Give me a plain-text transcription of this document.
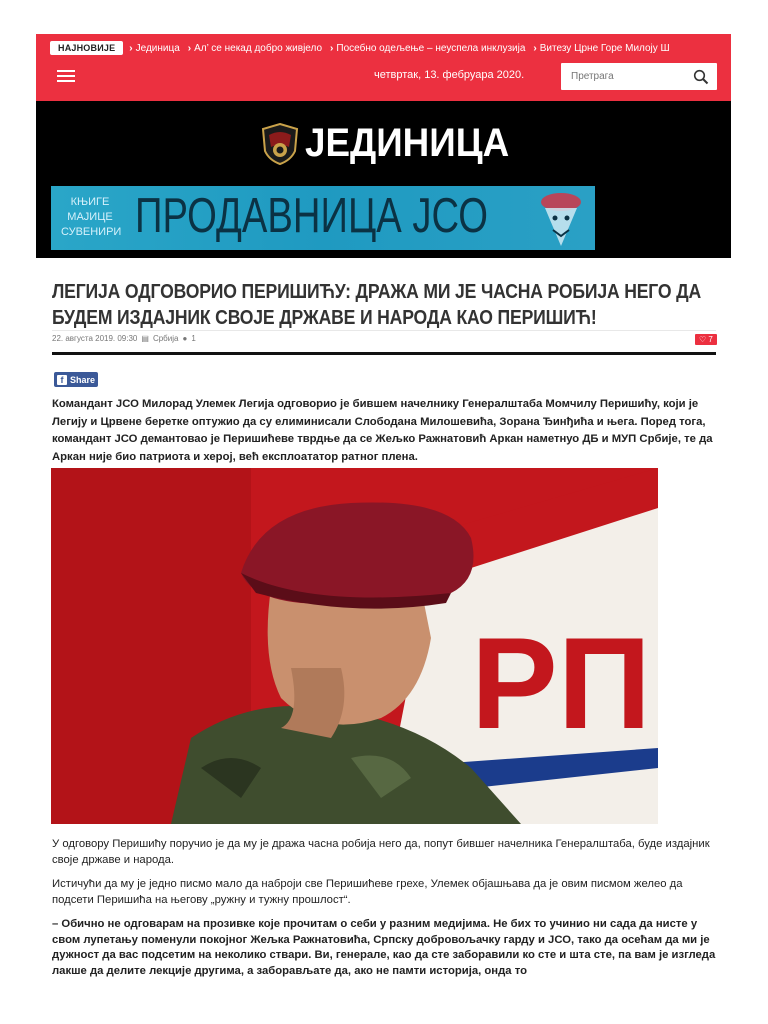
НАЈНОВИЈЕ	› Јединица	› Ал’ се некад добро живјело	› Посебно одељење – неуспела инклузија	› Витезу Црне Горе Милоју Ш
четвртак, 13. фебруара 2020.
Претрага
ЈЕДИНИЦА
КЊИГЕ
МАЈИЦЕ
СУВЕНИРИ ПРОДАВНИЦА ЈСО
ЛЕГИЈА ОДГОВОРИО ПЕРИШИЋУ: ДРАЖА МИ ЈЕ ЧАСНА РОБИЈА НЕГО ДА БУДЕМ ИЗДАЈНИК СВОЈЕ ДРЖАВЕ И НАРОДА КАО ПЕРИШИЋ!
22. августа 2019. 09:30 ▤ Србија ● 1	♡ 7
f Share

Командант ЈСО Милорад Улемек Легија одговорио је бившем начелнику Генералштаба Момчилу Перишићу, који је Легију и Црвене беретке оптужио да су елиминисали Слободана Милошевића, Зорана Ђинђића и њега. Поред тога, командант ЈСО демантовао је Перишићеве тврдње да се Жељко Ражнатовић Аркан наметнуо ДБ и МУП Србије, те да Аркан није био патриота и херој, већ експлоататор ратног плена.

РП

У одговору Перишићу поручио је да му је дража часна робија него да, попут бившег начелника Генералштаба, буде издајник своје државе и народа.

Истичући да му је једно писмо мало да наброји све Перишићеве грехе, Улемек објашњава да је овим писмом желео да подсети Перишића на његову „ружну и тужну прошлост“.

– Обично не одговарам на прозивке које прочитам о себи у разним медијима. Не бих то учинио ни сада да нисте у свом лупетању поменули покојног Жељка Ражнатовића, Српску добровољачку гарду и ЈСО, тако да осећам да ми је дужност да вас подсетим на неколико ствари. Ви, генерале, као да сте заборавили ко сте и шта сте, па вам је изгледа лакше да делите лекције другима, а заборављате да, ако не памти историја, онда то
